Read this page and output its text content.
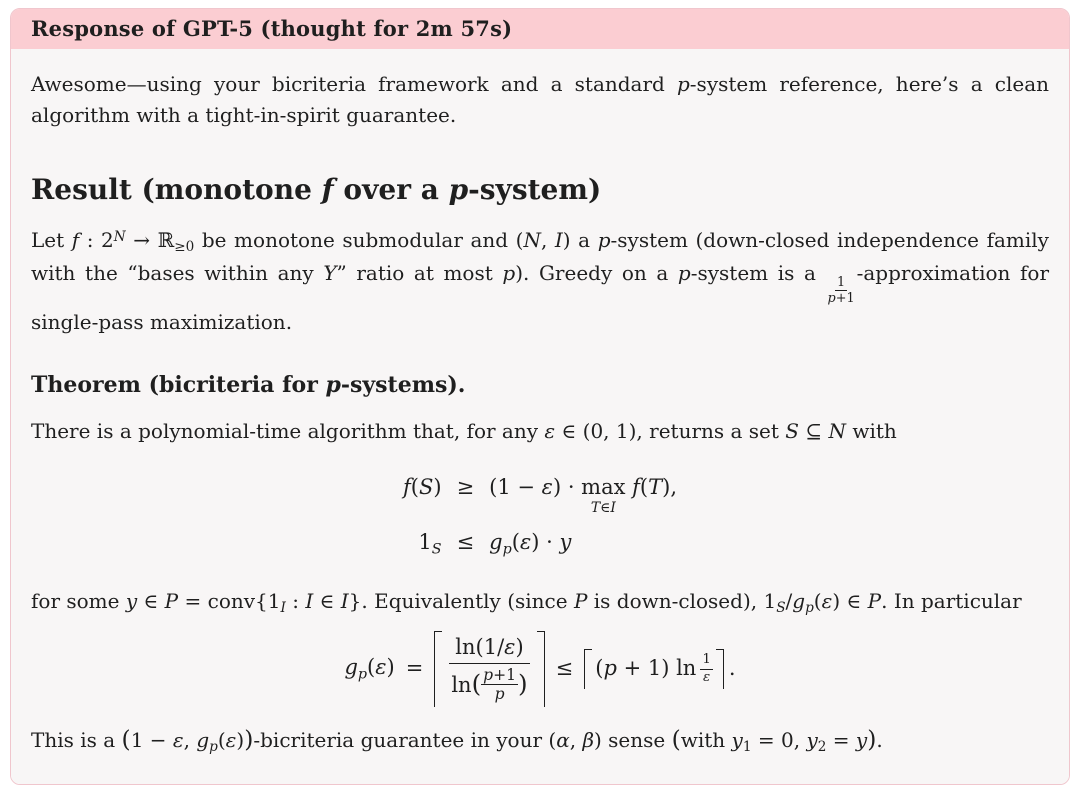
Response of GPT-5 (thought for 2m 57s)

Awesome—using your bicriteria framework and a standard p-system reference, here’s a clean algorithm with a tight-in-spirit guarantee.

Result (monotone f over a p-system)

Let f : $2^N$ → ℝ$_{\ge 0}$ be monotone submodular and (N, I) a p-system (down-closed independence family with the “bases within any Y” ratio at most p). Greedy on a p-system is a
$\frac{1}{p+1}$
-approximation for single-pass maximization.

Theorem (bicriteria for p-systems).

There is a polynomial-time algorithm that, for any ε ∈ (0, 1), returns a set S ⊆ N with

f(S) ≥ (1 − ε) · max
T∈I
f(T),
$1_S \le g_p(\varepsilon) \cdot y$

for some y ∈ $P = conv\{1_I$ : I ∈ I}. Equivalently (since P is down-closed), $1_S/g_p(\varepsilon)$ ∈ P. In particular

$g_p(\varepsilon) = \frac{\ln(1/\varepsilon)}{\ln( \frac{p+1}{p} )} \le (p + 1)$ $\ln \frac{1}{\varepsilon}$ .

This is a (1 − ε, $g_p(\varepsilon)$)-bicriteria guarantee in your (α, β) sense (with $y_1 = 0$, $y_2 = y$).
